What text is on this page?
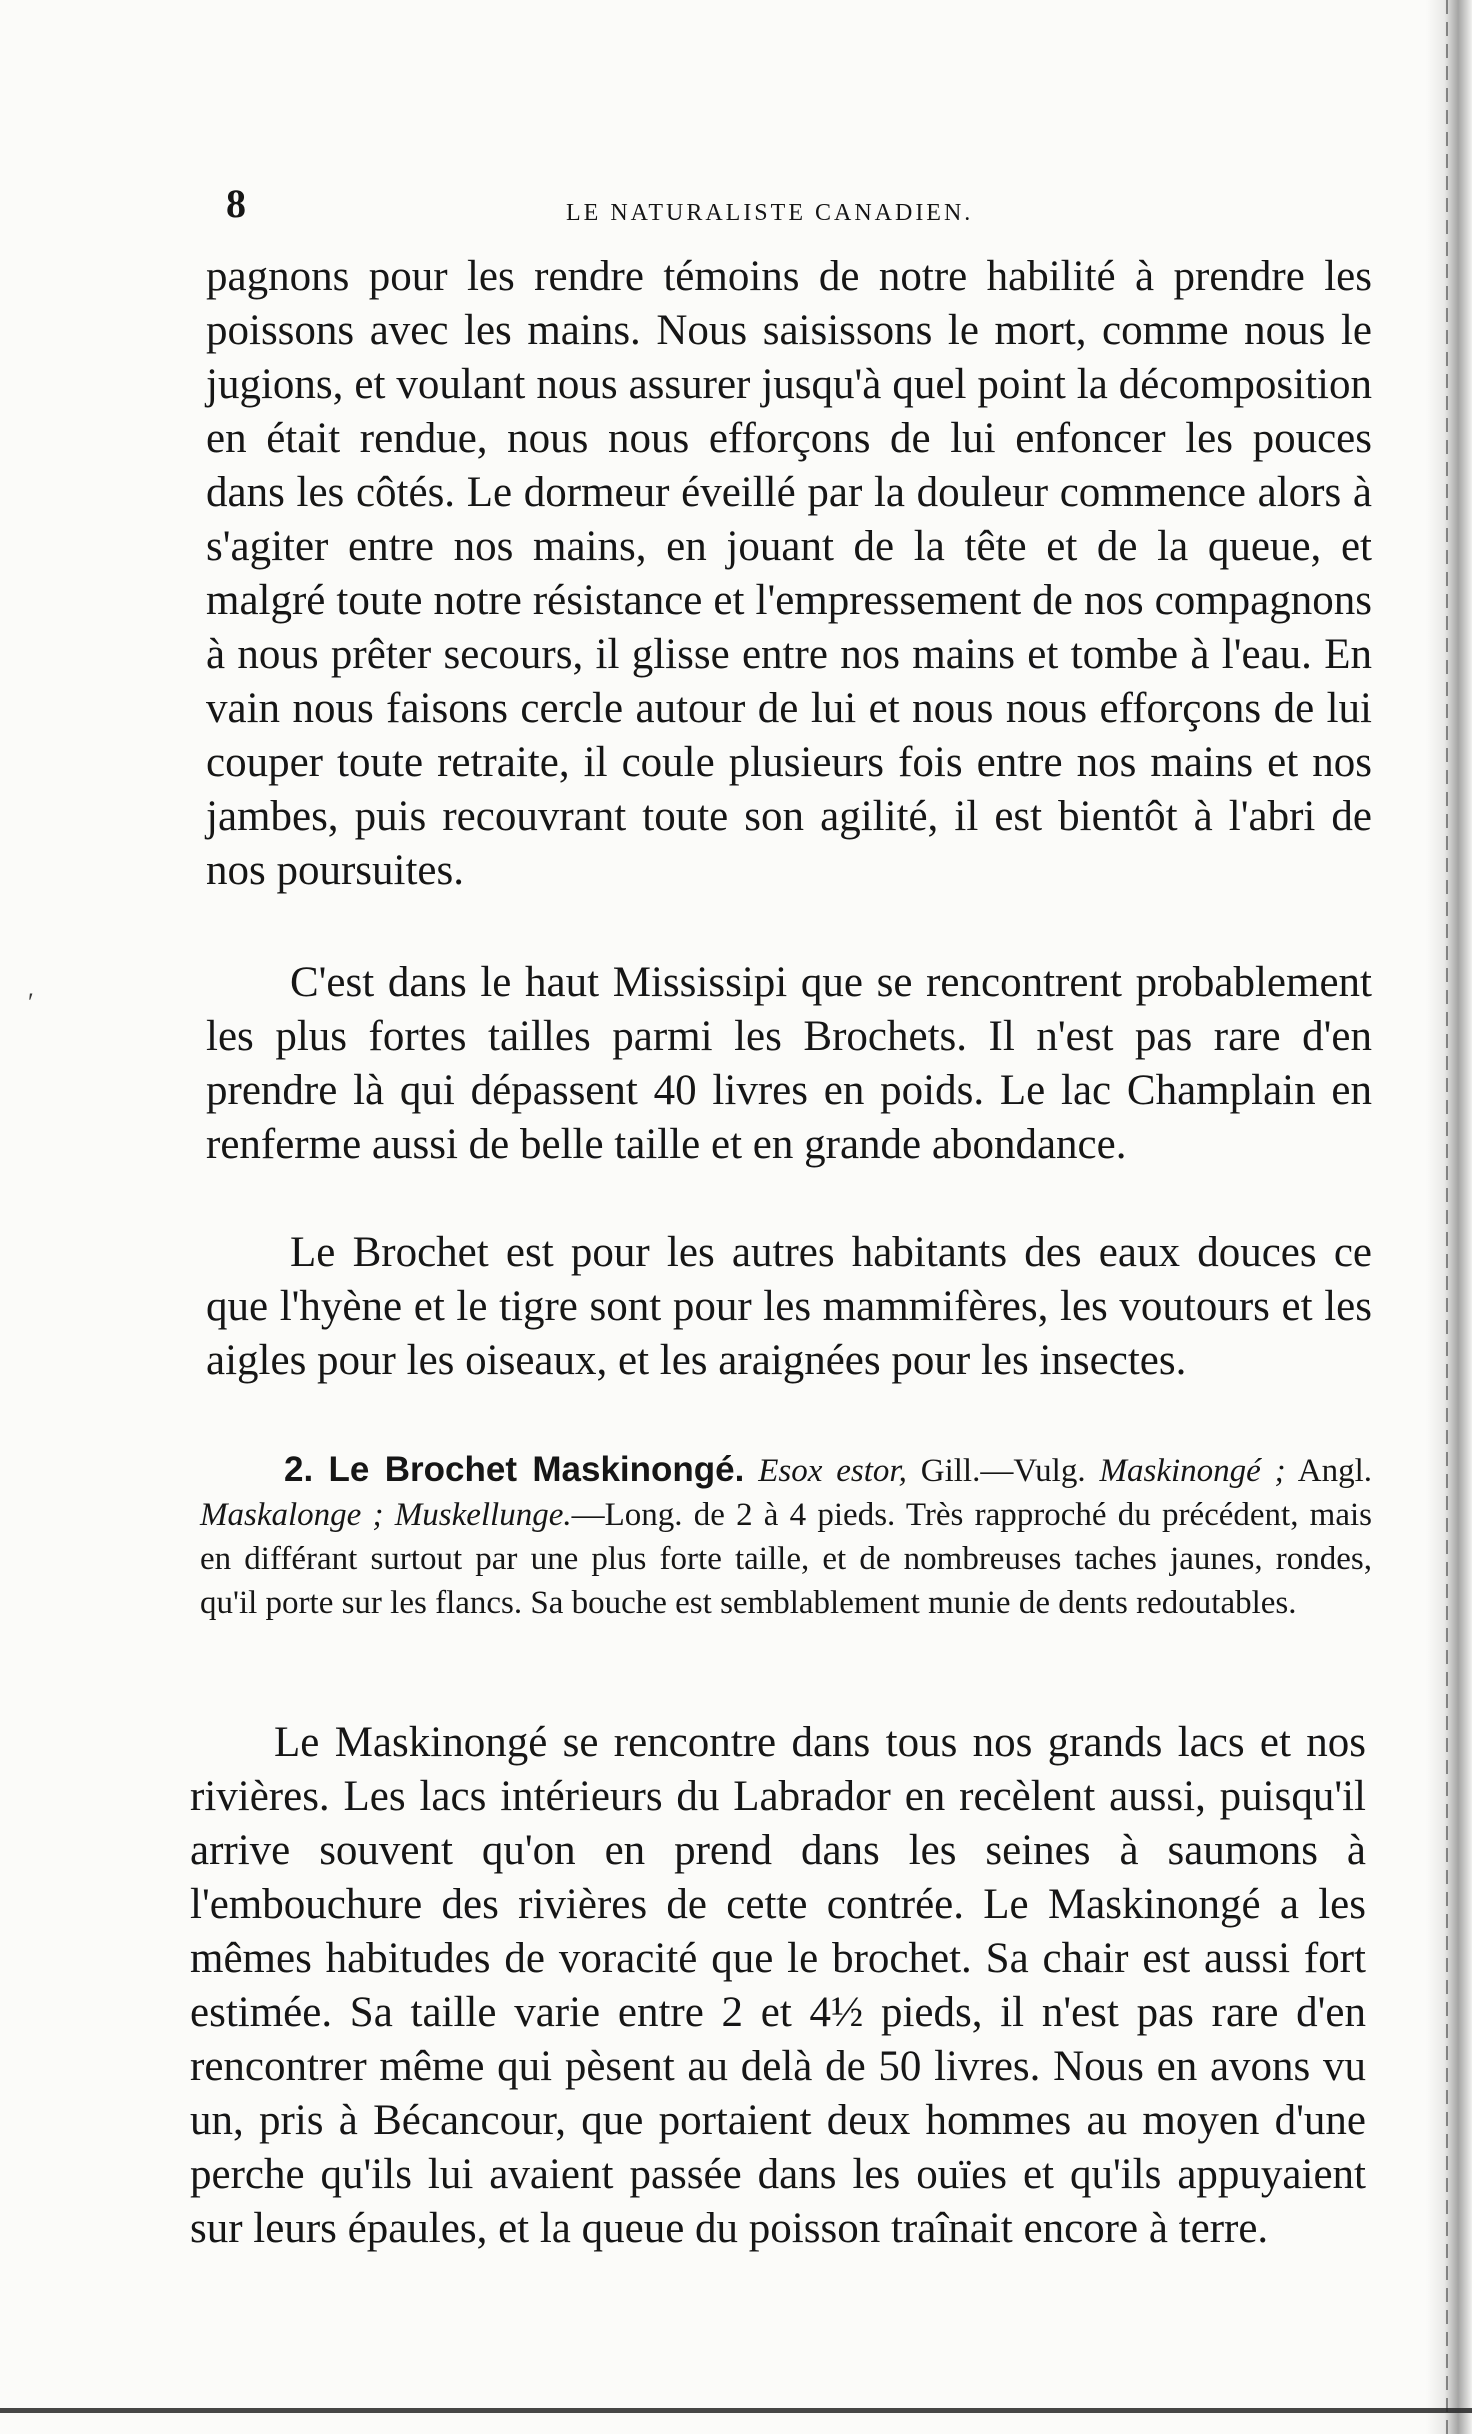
8	LE NATURALISTE CANADIEN.

pagnons pour les rendre témoins de notre habilité à prendre les poissons avec les mains. Nous saisissons le mort, comme nous le jugions, et voulant nous assurer jusqu'à quel point la décomposition en était rendue, nous nous efforçons de lui enfoncer les pouces dans les côtés. Le dormeur éveillé par la douleur commence alors à s'agiter entre nos mains, en jouant de la tête et de la queue, et malgré toute notre résistance et l'empressement de nos compagnons à nous prêter secours, il glisse entre nos mains et tombe à l'eau. En vain nous faisons cercle autour de lui et nous nous efforçons de lui couper toute retraite, il coule plusieurs fois entre nos mains et nos jambes, puis recouvrant toute son agilité, il est bientôt à l'abri de nos poursuites.

C'est dans le haut Mississipi que se rencontrent probablement les plus fortes tailles parmi les Brochets. Il n'est pas rare d'en prendre là qui dépassent 40 livres en poids. Le lac Champlain en renferme aussi de belle taille et en grande abondance.

Le Brochet est pour les autres habitants des eaux douces ce que l'hyène et le tigre sont pour les mammifères, les voutours et les aigles pour les oiseaux, et les araignées pour les insectes.

2. Le Brochet Maskinongé. Esox estor, Gill.—Vulg. Maskinongé ; Angl. Maskalonge ; Muskellunge.—Long. de 2 à 4 pieds. Très rapproché du précédent, mais en différant surtout par une plus forte taille, et de nombreuses taches jaunes, rondes, qu'il porte sur les flancs. Sa bouche est semblablement munie de dents redoutables.

Le Maskinongé se rencontre dans tous nos grands lacs et nos rivières. Les lacs intérieurs du Labrador en recèlent aussi, puisqu'il arrive souvent qu'on en prend dans les seines à saumons à l'embouchure des rivières de cette contrée. Le Maskinongé a les mêmes habitudes de voracité que le brochet. Sa chair est aussi fort estimée. Sa taille varie entre 2 et 4½ pieds, il n'est pas rare d'en rencontrer même qui pèsent au delà de 50 livres. Nous en avons vu un, pris à Bécancour, que portaient deux hommes au moyen d'une perche qu'ils lui avaient passée dans les ouïes et qu'ils appuyaient sur leurs épaules, et la queue du poisson traînait encore à terre.

′
